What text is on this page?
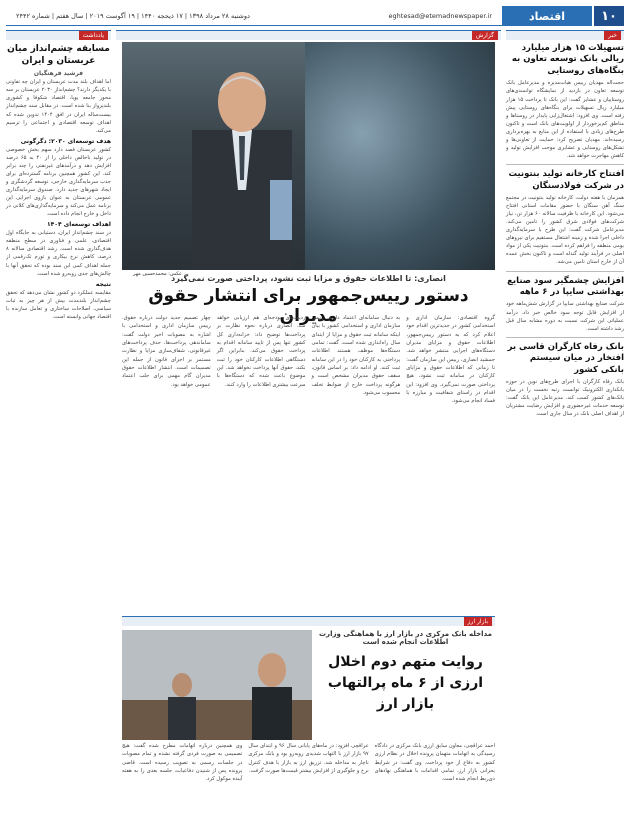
۱۰
اقتصاد
eghtesad@etemadnewspaper.ir
دوشنبه ۲۸ مرداد ۱۳۹۸ | ۱۷ ذیحجه ۱۴۴۰ | ۱۹ آگوست ۲۰۱۹ | سال هفتم | شماره ۲۴۴۲
خبر
تسهیلات ۱۵ هزار میلیارد ریالی بانک توسعه تعاون به بنگاه‌های روستایی
حجت‌اله مهدیان رییس هیات‌مدیره و مدیرعامل بانک توسعه تعاون در بازدید از نمایشگاه توانمندی‌های روستاییان و عشایر گفت: این بانک تا پرداخت ۱۵ هزار میلیارد ریال تسهیلات برای بنگاه‌های روستایی پیش رفته است. وی افزود: اشتغال‌زایی پایدار در روستاها و مناطق کم‌برخوردار از اولویت‌های بانک است و تاکنون طرح‌های زیادی با استفاده از این منابع به بهره‌برداری رسیده‌اند. مهدیان تصریح کرد: حمایت از تعاونی‌ها و تشکل‌های روستایی و عشایری موجب افزایش تولید و کاهش مهاجرت خواهد شد.
افتتاح کارخانه تولید بنتونیت در شرکت فولادسنگان
همزمان با هفته دولت، کارخانه تولید بنتونیت در مجتمع سنگ آهن سنگان با حضور مقامات استانی افتتاح می‌شود. این کارخانه با ظرفیت سالانه ۶۰ هزار تن، نیاز شرکت‌های فولادی شرق کشور را تامین می‌کند. مدیرعامل شرکت گفت: این طرح با سرمایه‌گذاری داخلی اجرا شده و زمینه اشتغال مستقیم برای نیروهای بومی منطقه را فراهم کرده است. بنتونیت یکی از مواد اصلی در فرآیند تولید گندله است و تاکنون بخش عمده آن از خارج استان تامین می‌شد.
افزایش چشمگیر سود صنایع بهداشتی سایپا در ۶ ماهه
شرکت صنایع بهداشتی سایپا در گزارش شش‌ماهه خود از افزایش قابل توجه سود خالص خبر داد. درآمد عملیاتی این شرکت نسبت به دوره مشابه سال قبل رشد داشته است.
بانک رفاه کارگران قاسی بر افتخار در میان سیستم بانکی کشور
بانک رفاه کارگران با اجرای طرح‌های نوین در حوزه بانکداری الکترونیک توانست رتبه نخست را در میان بانک‌های کشور کسب کند. مدیرعامل این بانک گفت: توسعه خدمات غیرحضوری و افزایش رضایت مشتریان از اهداف اصلی بانک در سال جاری است.
یادداشت
مسابقه چشم‌انداز میان عربستان و ایران
فرشید فرهنگیان
اما اهداف بلند مدت عربستان و ایران چه تفاوتی با یکدیگر دارند؟ چشم‌انداز ۲۰۳۰ عربستان بر سه محور جامعه پویا، اقتصاد شکوفا و کشوری بلندپرواز بنا شده است. در مقابل سند چشم‌انداز بیست‌ساله ایران در افق ۱۴۰۴ تدوین شده که اهداف توسعه اقتصادی و اجتماعی را ترسیم می‌کند.
هدف توسعه‌ای ۲۰۳۰: دگرگونی
کشور عربستان قصد دارد سهم بخش خصوصی در تولید ناخالص داخلی را از ۴۰ به ۶۵ درصد افزایش دهد و درآمدهای غیرنفتی را چند برابر کند. این کشور همچنین برنامه گسترده‌ای برای جذب سرمایه‌گذاری خارجی، توسعه گردشگری و ایجاد شهرهای جدید دارد. صندوق سرمایه‌گذاری عمومی عربستان به عنوان بازوی اجرایی این برنامه عمل می‌کند و سرمایه‌گذاری‌های کلانی در داخل و خارج انجام داده است.
اهداف توسعه‌ای ۱۴۰۴
در سند چشم‌انداز ایران، دستیابی به جایگاه اول اقتصادی، علمی و فناوری در سطح منطقه هدف‌گذاری شده است. رشد اقتصادی سالانه ۸ درصد، کاهش نرخ بیکاری و تورم تک‌رقمی از جمله اهداف کمی این سند بوده که تحقق آنها با چالش‌های جدی روبه‌رو شده است.
نتیجه
مقایسه عملکرد دو کشور نشان می‌دهد که تحقق چشم‌انداز بلندمدت بیش از هر چیز به ثبات سیاسی، اصلاحات ساختاری و تعامل سازنده با اقتصاد جهانی وابسته است.
گزارش
عکس: محمدحسین مهر
انصاری: تا اطلاعات حقوق و مزایا ثبت نشود، پرداختی صورت نمی‌گیرد
دستور رییس‌جمهور برای انتشار حقوق مدیران	گروه اقتصادی: سازمان اداری و استخدامی کشور در جدیدترین اقدام خود اعلام کرد که به دستور رییس‌جمهور، اطلاعات حقوق و مزایای مدیران دستگاه‌های اجرایی منتشر خواهد شد. جمشید انصاری، رییس این سازمان گفت: تا زمانی که اطلاعات حقوق و مزایای کارکنان در سامانه ثبت نشود، هیچ پرداختی صورت نمی‌گیرد. وی افزود: این اقدام در راستای شفافیت و مبارزه با فساد انجام می‌شود.
به دنبال سامانه‌ای اعتماد داریم. رییس سازمان اداری و استخدامی کشور با بیان اینکه سامانه ثبت حقوق و مزایا از ابتدای سال راه‌اندازی شده است، گفت: تمامی دستگاه‌ها موظف هستند اطلاعات پرداختی به کارکنان خود را در این سامانه ثبت کنند. او ادامه داد: بر اساس قانون، سقف حقوق مدیران مشخص است و هرگونه پرداخت خارج از ضوابط تخلف محسوب می‌شود.
ردیف‌های بودجه‌ای هم ارزیابی خواهد شد. انصاری درباره نحوه نظارت بر پرداخت‌ها توضیح داد: خزانه‌داری کل کشور تنها پس از تایید سامانه اقدام به پرداخت حقوق می‌کند. بنابراین اگر دستگاهی اطلاعات کارکنان خود را ثبت نکند، حقوق آنها پرداخت نخواهد شد. این موضوع باعث شده که دستگاه‌ها با سرعت بیشتری اطلاعات را وارد کنند.
چهار تصمیم جدید دولت درباره حقوق. رییس سازمان اداری و استخدامی با اشاره به مصوبات اخیر دولت گفت: ساماندهی پرداخت‌ها، حذف پرداخت‌های غیرقانونی، شفاف‌سازی مزایا و نظارت مستمر بر اجرای قانون از جمله این تصمیمات است. انتشار اطلاعات حقوق مدیران گام مهمی برای جلب اعتماد عمومی خواهد بود.
بازار ارز
مداخله بانک مرکزی در بازار ارز با هماهنگی وزارت اطلاعات انجام شده است
روایت متهم دوم اخلال ارزی از ۶ ماه پرالتهاب بازار ارز
احمد عراقچی، معاون سابق ارزی بانک مرکزی در دادگاه رسیدگی به اتهامات متهمان پرونده اخلال در نظام ارزی کشور به دفاع از خود پرداخت. وی گفت: در شرایط بحرانی بازار ارز، تمامی اقدامات با هماهنگی نهادهای ذی‌ربط انجام شده است.
عراقچی افزود: در ماه‌های پایانی سال ۹۶ و ابتدای سال ۹۷ بازار ارز با التهاب شدیدی روبه‌رو بود و بانک مرکزی ناچار به مداخله شد. تزریق ارز به بازار با هدف کنترل نرخ و جلوگیری از افزایش بیشتر قیمت‌ها صورت گرفت.
وی همچنین درباره اتهامات مطرح شده گفت: هیچ تصمیمی به صورت فردی گرفته نشده و تمام مصوبات در جلسات رسمی به تصویب رسیده است. قاضی پرونده پس از شنیدن دفاعیات، جلسه بعدی را به هفته آینده موکول کرد.
